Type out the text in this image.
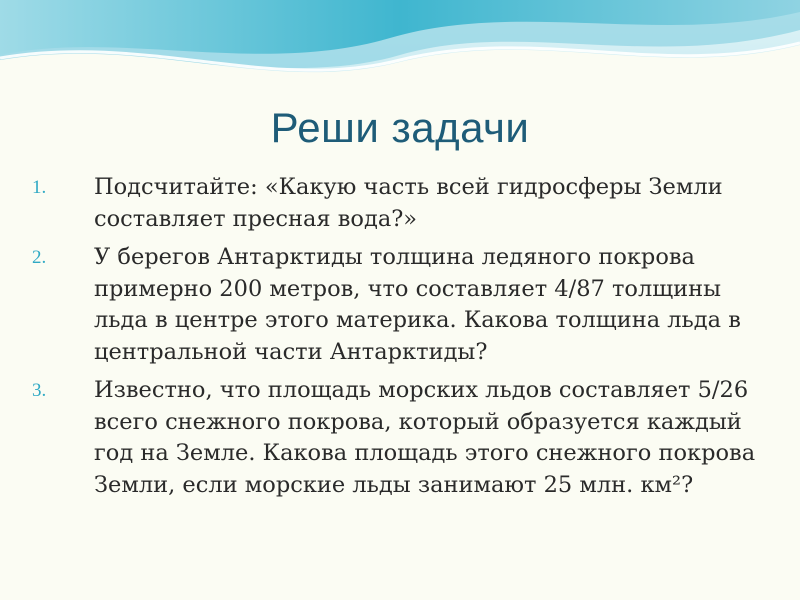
Реши задачи
1.	Подсчитайте: «Какую часть всей гидросферы Земли составляет пресная вода?»
2.	У берегов Антарктиды толщина ледяного покрова примерно 200 метров, что составляет 4/87 толщины льда в центре этого материка. Какова толщина льда в центральной части Антарктиды?
3.	Известно, что площадь морских льдов составляет 5/26 всего снежного покрова, который образуется каждый год на Земле. Какова площадь этого снежного покрова Земли, если морские льды занимают 25 млн. км²?
